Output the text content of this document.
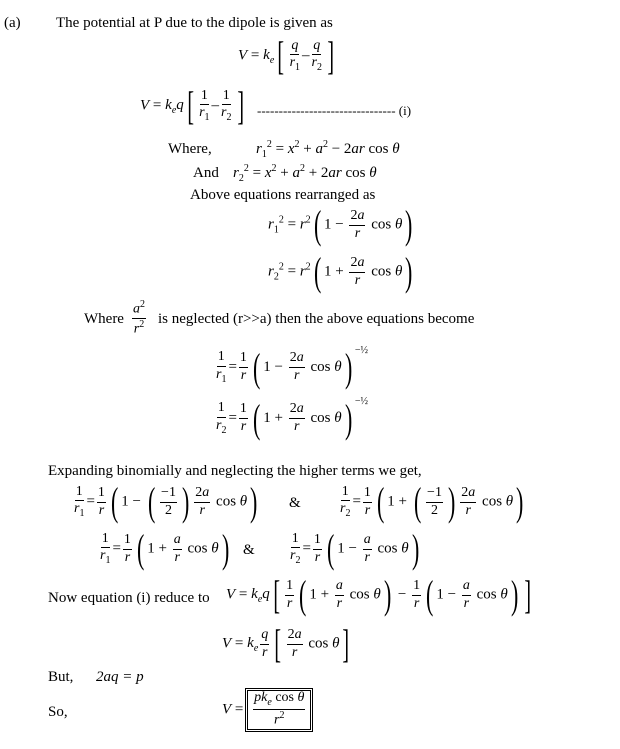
(a) The potential at P due to the dipole is given as
$V = k_e[ \frac{q}{r_1} - \frac{q}{r_2}$ ]
$V = k_eq[ \frac{1}{r_1} - \frac{1}{r_2}$ ] -------------------------------- (i)
Where,	$r_1^2 = x^2 + a^2 - 2ar$ cos θ
And $r_2^2 = x^2 + a^2 + 2ar$ cos θ
Above equations rearranged as
$r_1^2 = r^2$( $1 - \frac{2a}{r}$ cos θ)
$r_2^2 = r^2$( $1 + \frac{2a}{r}$ cos θ)
Where $\frac{a^2}{r^2}$ is neglected (r>>a) then the above equations become
$\frac{1}{r_1} = \frac{1}{r}$ ( $1 - \frac{2a}{r}$ cos θ) $^{-\frac{1}{2}}$
$\frac{1}{r_2} = \frac{1}{r}$ ( $1 + \frac{2a}{r}$ cos θ) $^{-\frac{1}{2}}$
Expanding binomially and neglecting the higher terms we get,
$\frac{1}{r_1} = \frac{1}{r}$ ( 1 − ( $\frac{-1}{2}$ ) $\frac{2a}{r}$ cos θ) &	$\frac{1}{r_2} = \frac{1}{r}$ ( 1 + ( $\frac{-1}{2}$ ) $\frac{2a}{r}$ cos θ)
$\frac{1}{r_1} = \frac{1}{r}$ ( $1 + \frac{a}{r}$ cos θ) &	$\frac{1}{r_2} = \frac{1}{r}$ ( $1 - \frac{a}{r}$ cos θ)
Now equation (i) reduce to $V = k_eq[ \frac{1}{r}$ ( $1 + \frac{a}{r}$ $\cos \theta) - \frac{1}{r}$ ( $1 - \frac{a}{r}$ cos θ) ]
$V = k_e \frac{q}{r}$ [ $\frac{2a}{r}$ cos θ]
But, 2aq = p
So,	$V = \frac{pk_e \cos \theta}{r^2}$
